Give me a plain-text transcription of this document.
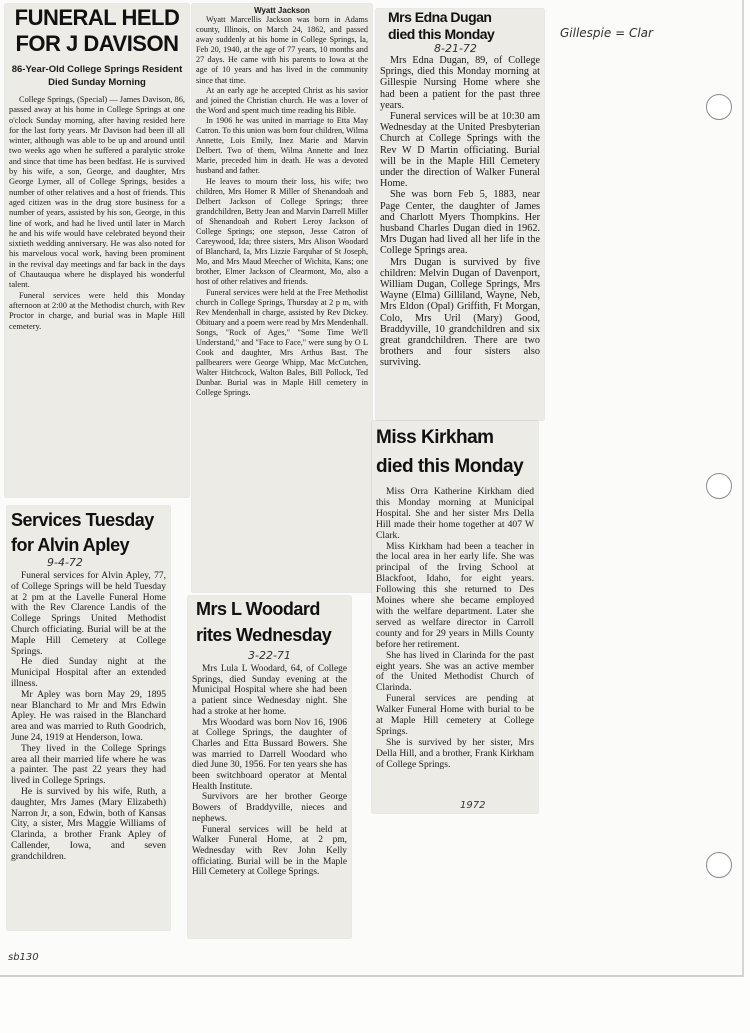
FUNERAL HELD FOR J DAVISON
86-Year-Old College Springs Resident Died Sunday Morning

College Springs, (Special) — James Davison, 86, passed away at his home in College Springs at one o'clock Sunday morning, after having resided here for the last forty years. Mr Davison had been ill all winter, although was able to be up and around until two weeks ago when he suffered a paralytic stroke and since that time has been bedfast. He is survived by his wife, a son, George, and daughter, Mrs George Lymer, all of College Springs, besides a number of other relatives and a host of friends. This aged citizen was in the drug store business for a number of years, assisted by his son, George, in this line of work, and had he lived until later in March he and his wife would have celebrated beyond their sixtieth wedding anniversary. He was also noted for his marvelous vocal work, having been prominent in the revival day meetings and far back in the days of Chautauqua where he displayed his wonderful talent.

Funeral services were held this Monday afternoon at 2:00 at the Methodist church, with Rev Proctor in charge, and burial was in Maple Hill cemetery.

Wyatt Jackson

Wyatt Marcellis Jackson was born in Adams county, Illinois, on March 24, 1862, and passed away suddenly at his home in College Springs, Ia, Feb 20, 1940, at the age of 77 years, 10 months and 27 days. He came with his parents to Iowa at the age of 10 years and has lived in the community since that time.

At an early age he accepted Christ as his savior and joined the Christian church. He was a lover of the Word and spent much time reading his Bible.

In 1906 he was united in marriage to Etta May Catron. To this union was born four children, Wilma Annette, Lois Emily, Inez Marie and Marvin Delbert. Two of them, Wilma Annette and Inez Marie, preceded him in death. He was a devoted husband and father.

He leaves to mourn their loss, his wife; two children, Mrs Homer R Miller of Shenandoah and Delbert Jackson of College Springs; three grandchildren, Betty Jean and Marvin Darrell Miller of Shenandoah and Robert Leroy Jackson of College Springs; one stepson, Jesse Catron of Careywood, Ida; three sisters, Mrs Alison Woodard of Blanchard, Ia, Mrs Lizzie Farquhar of St Joseph, Mo, and Mrs Maud Meecher of Wichita, Kans; one brother, Elmer Jackson of Clearmont, Mo, also a host of other relatives and friends.

Funeral services were held at the Free Methodist church in College Springs, Thursday at 2 p m, with Rev Mendenhall in charge, assisted by Rev Dickey. Obituary and a poem were read by Mrs Mendenhall. Songs, "Rock of Ages," "Some Time We'll Understand," and "Face to Face," were sung by O L Cook and daughter, Mrs Arthus Bast. The pallbearers were George Whipp, Mac McCutchen, Walter Hitchcock, Walton Bales, Bill Pollock, Ted Dunbar. Burial was in Maple Hill cemetery in College Springs.

Mrs Edna Dugan died this Monday
8-21-72

Mrs Edna Dugan, 89, of College Springs, died this Monday morning at Gillespie Nursing Home where she had been a patient for the past three years.

Funeral services will be at 10:30 am Wednesday at the United Presbyterian Church at College Springs with the Rev W D Martin officiating. Burial will be in the Maple Hill Cemetery under the direction of Walker Funeral Home.

She was born Feb 5, 1883, near Page Center, the daughter of James and Charlott Myers Thompkins. Her husband Charles Dugan died in 1962. Mrs Dugan had lived all her life in the College Springs area.

Mrs Dugan is survived by five children: Melvin Dugan of Davenport, William Dugan, College Springs, Mrs Wayne (Elma) Gilliland, Wayne, Neb, Mrs Eldon (Opal) Griffith, Ft Morgan, Colo, Mrs Uril (Mary) Good, Braddyville, 10 grandchildren and six great grandchildren. There are two brothers and four sisters also surviving.

Miss Kirkham died this Monday

Miss Orra Katherine Kirkham died this Monday morning at Municipal Hospital. She and her sister Mrs Della Hill made their home together at 407 W Clark.

Miss Kirkham had been a teacher in the local area in her early life. She was principal of the Irving School at Blackfoot, Idaho, for eight years. Following this she returned to Des Moines where she became employed with the welfare department. Later she served as welfare director in Carroll county and for 29 years in Mills County before her retirement.

She has lived in Clarinda for the past eight years. She was an active member of the United Methodist Church of Clarinda.

Funeral services are pending at Walker Funeral Home with burial to be at Maple Hill cemetery at College Springs.

She is survived by her sister, Mrs Della Hill, and a brother, Frank Kirkham of College Springs.

1972
Services Tuesday for Alvin Apley
9-4-72

Funeral services for Alvin Apley, 77, of College Springs will be held Tuesday at 2 pm at the Lavelle Funeral Home with the Rev Clarence Landis of the College Springs United Methodist Church officiating. Burial will be at the Maple Hill Cemetery at College Springs.

He died Sunday night at the Municipal Hospital after an extended illness.

Mr Apley was born May 29, 1895 near Blanchard to Mr and Mrs Edwin Apley. He was raised in the Blanchard area and was married to Ruth Goodrich, June 24, 1919 at Henderson, Iowa.

They lived in the College Springs area all their married life where he was a painter. The past 22 years they had lived in College Springs.

He is survived by his wife, Ruth, a daughter, Mrs James (Mary Elizabeth) Narron Jr, a son, Edwin, both of Kansas City, a sister, Mrs Maggie Williams of Clarinda, a brother Frank Apley of Callender, Iowa, and seven grandchildren.

Mrs L Woodard rites Wednesday
3-22-71

Mrs Lula L Woodard, 64, of College Springs, died Sunday evening at the Municipal Hospital where she had been a patient since Wednesday night. She had a stroke at her home.

Mrs Woodard was born Nov 16, 1906 at College Springs, the daughter of Charles and Etta Bussard Bowers. She was married to Darrell Woodard who died June 30, 1956. For ten years she has been switchboard operator at Mental Health Institute.

Survivors are her brother George Bowers of Braddyville, nieces and nephews.

Funeral services will be held at Walker Funeral Home, at 2 pm, Wednesday with Rev John Kelly officiating. Burial will be in the Maple Hill Cemetery at College Springs.

Gillespie = Clar
sb130
